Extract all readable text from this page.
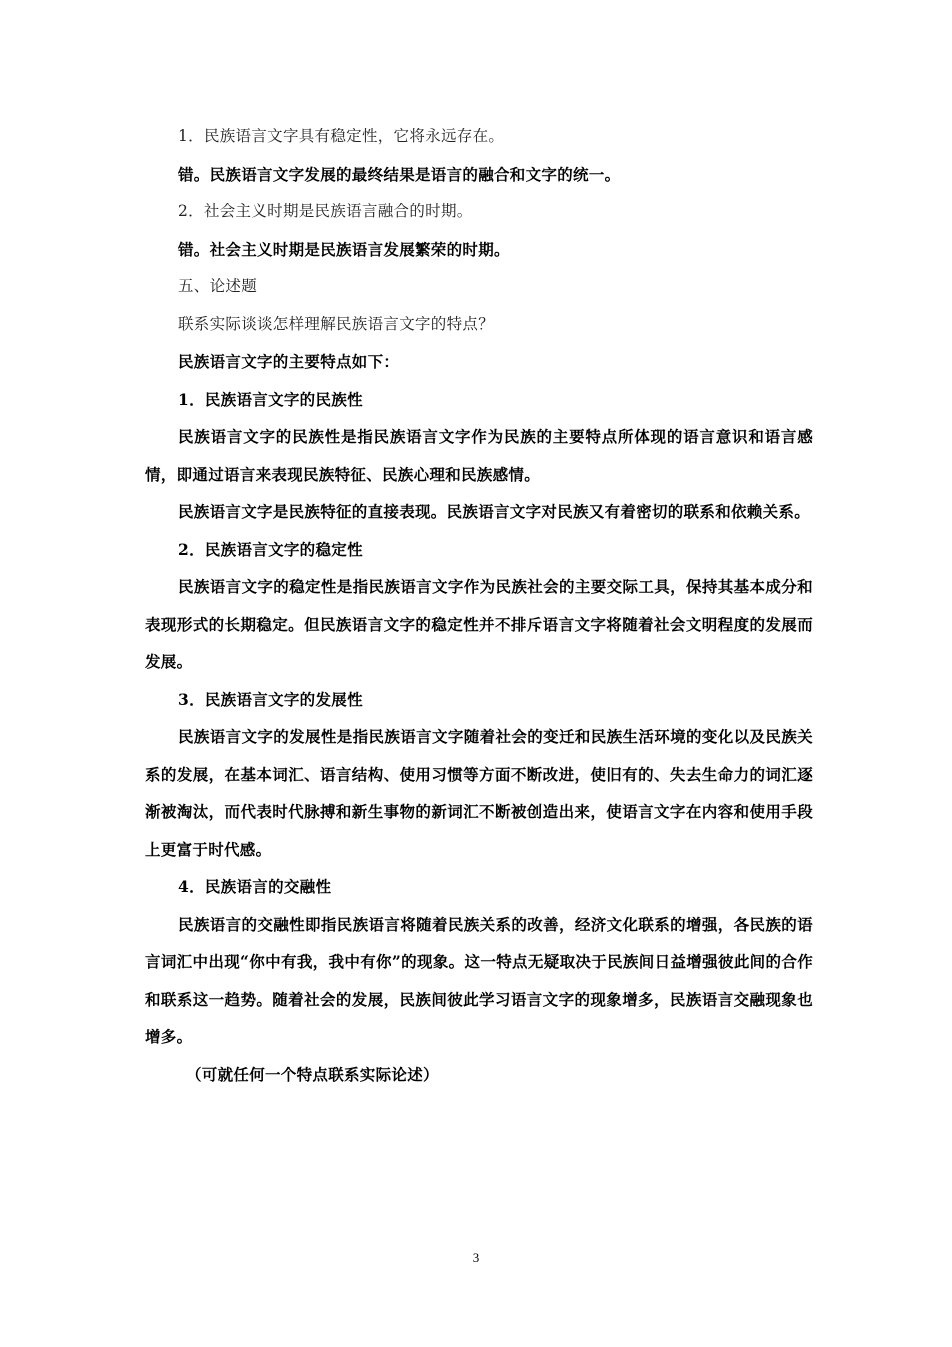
1．民族语言文字具有稳定性，它将永远存在。

错。民族语言文字发展的最终结果是语言的融合和文字的统一。

2．社会主义时期是民族语言融合的时期。

错。社会主义时期是民族语言发展繁荣的时期。

五、论述题

联系实际谈谈怎样理解民族语言文字的特点？

民族语言文字的主要特点如下：

1．民族语言文字的民族性

民族语言文字的民族性是指民族语言文字作为民族的主要特点所体现的语言意识和语言感情，即通过语言来表现民族特征、民族心理和民族感情。

民族语言文字是民族特征的直接表现。民族语言文字对民族又有着密切的联系和依赖关系。

2．民族语言文字的稳定性

民族语言文字的稳定性是指民族语言文字作为民族社会的主要交际工具，保持其基本成分和表现形式的长期稳定。但民族语言文字的稳定性并不排斥语言文字将随着社会文明程度的发展而发展。

3．民族语言文字的发展性

民族语言文字的发展性是指民族语言文字随着社会的变迁和民族生活环境的变化以及民族关系的发展，在基本词汇、语言结构、使用习惯等方面不断改进，使旧有的、失去生命力的词汇逐渐被淘汰，而代表时代脉搏和新生事物的新词汇不断被创造出来，使语言文字在内容和使用手段上更富于时代感。

4．民族语言的交融性

民族语言的交融性即指民族语言将随着民族关系的改善，经济文化联系的增强，各民族的语言词汇中出现“你中有我，我中有你”的现象。这一特点无疑取决于民族间日益增强彼此间的合作和联系这一趋势。随着社会的发展，民族间彼此学习语言文字的现象增多，民族语言交融现象也增多。

（可就任何一个特点联系实际论述）

3
